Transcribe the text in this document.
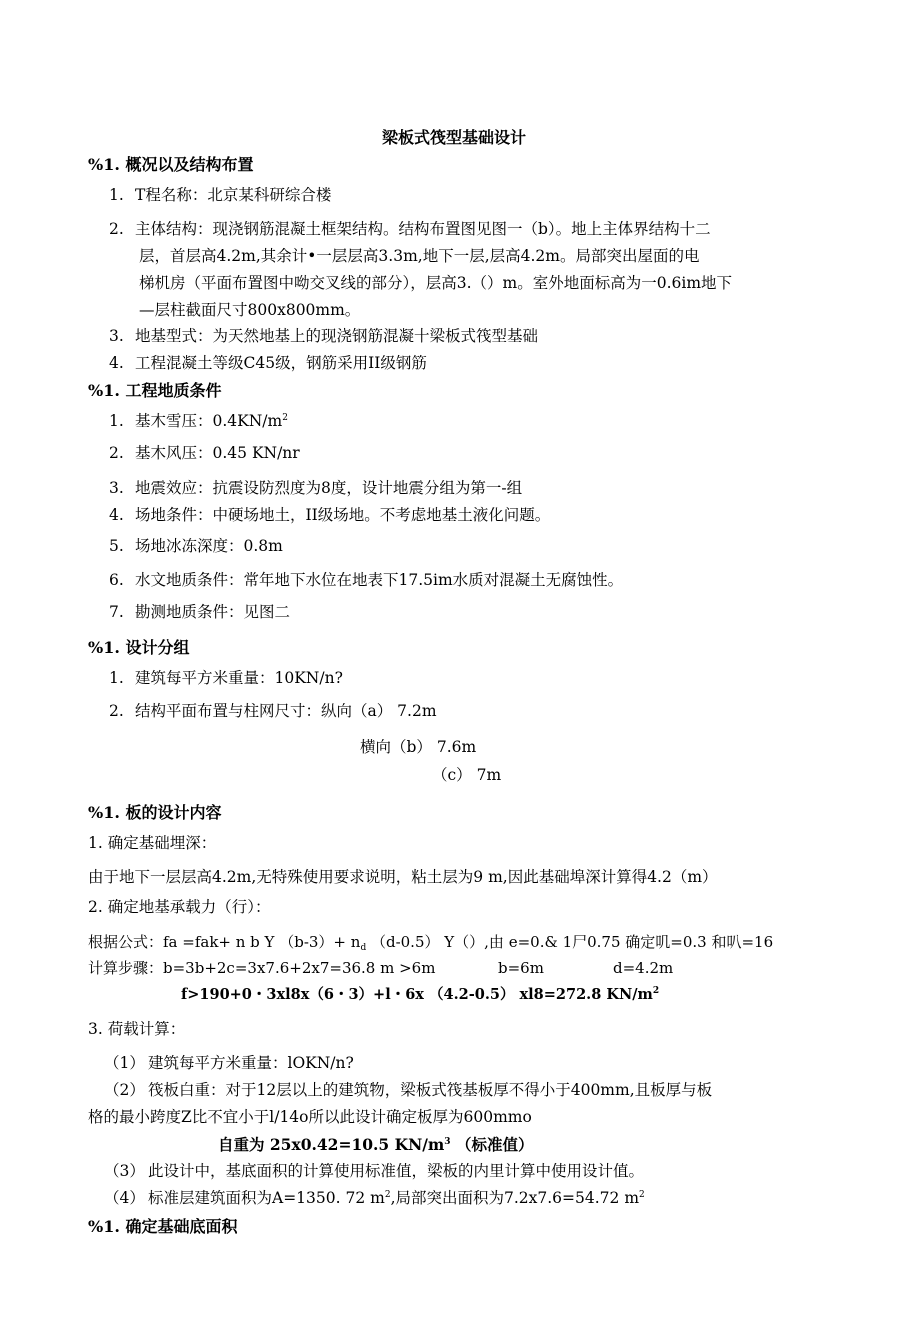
梁板式筏型基础设计
%1. 概况以及结构布置
1. T程名称：北京某科研综合楼
2. 主体结构：现浇钢筋混凝土框架结构。结构布置图见图一（b）。地上主体界结构十二
层，首层高4.2m,其余计•一层层高3.3m,地下一层,层高4.2m。局部突出屋面的电
梯机房（平面布置图中呦交叉线的部分），层高3.（）m。室外地面标高为一0.6im地下
—层柱截面尺寸800x800mm。
3. 地基型式：为天然地基上的现浇钢筋混凝十梁板式筏型基础
4. 工程混凝土等级C45级，钢筋采用II级钢筋
%1. 工程地质条件
1. 基木雪压：$0.4KN/m^2$
2. 基木风压：0.45 KN/nr
3. 地震效应：抗震设防烈度为8度，设计地震分组为第一-组
4. 场地条件：中硬场地土，II级场地。不考虑地基土液化问题。
5. 场地冰冻深度：0.8m
6. 水文地质条件：常年地下水位在地表下17.5im水质对混凝土无腐蚀性。
7. 勘测地质条件：见图二
%1. 设计分组
1. 建筑每平方米重量：10KN/n?
2. 结构平面布置与柱网尺寸：纵向（a） 7.2m
横向（b） 7.6m
（c） 7m
%1. 板的设计内容
1. 确定基础埋深：
由于地下一层层高4.2m,无特殊使用要求说明，粘土层为9 m,因此基础埠深计算得4.2（m）
2. 确定地基承载力（行）：
根据公式：fa =fak+ n b Y $(b-3)+ n_d$ （d-0.5） Y（）,由 e=0.& 1尸0.75 确定叽=0.3 和叭=16
计算步骤：b=3b+2c=3x7.6+2x7=36.8 m >6m	b=6m	d=4.2m
f>190+0・3xl8x（6・3）+l・6x （4.2-0.5） xl8=272.8 $KN/m^2$
3. 荷载计算：
（1） 建筑每平方米重量：lOKN/n?
（2） 筏板白重：对于12层以上的建筑物，梁板式筏基板厚不得小于400mm,且板厚与板
格的最小跨度Z比不宜小于l/14o所以此设计确定板厚为600mmo
自重为 25x0.42=10.5 $KN/m^3$ （标准值）
（3） 此设计中，基底面积的计算使用标准值，梁板的内里计算中使用设计值。
（4） 标准层建筑面积为A=1350. 72 $m^2$,局部突出面积为7.2x7.6=54.72 $m^2$
%1. 确定基础底面积
